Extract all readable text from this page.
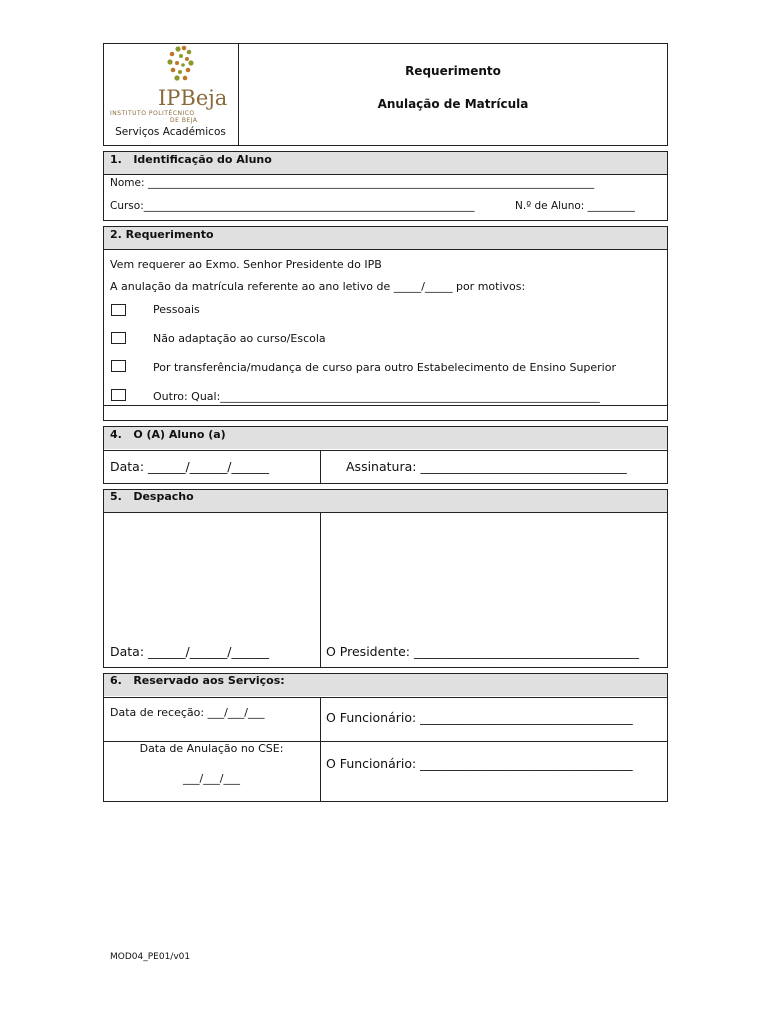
IPBeja
INSTITUTO POLITÉCNICO
DE BEJA
Serviços Académicos
Requerimento
Anulação de Matrícula
1.   Identificação do Aluno
Nome: _____________________________________________________________________________________
Curso:_______________________________________________________________	N.º de Aluno: _________
2. Requerimento
Vem requerer ao Exmo. Senhor Presidente do IPB
A anulação da matrícula referente ao ano letivo de _____/_____ por motivos:
Pessoais
Não adaptação ao curso/Escola
Por transferência/mudança de curso para outro Estabelecimento de Ensino Superior
Outro: Qual:_____________________________________________________________________
4.   O (A) Aluno (a)
Data: ______/______/______	Assinatura: _________________________________
5.   Despacho
Data: ______/______/______	O Presidente: ____________________________________
6.   Reservado aos Serviços:
Data de receção: ___/___/___	O Funcionário: __________________________________
Data de Anulação no CSE:
___/___/___
O Funcionário: __________________________________
MOD04_PE01/v01
